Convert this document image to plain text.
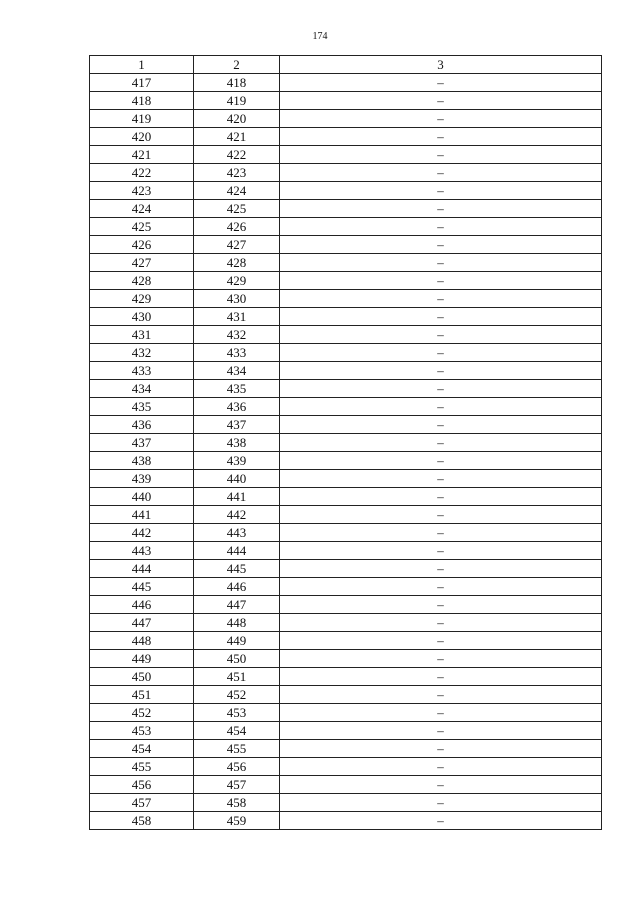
174
1	2	3
417	418	–
418	419	–
419	420	–
420	421	–
421	422	–
422	423	–
423	424	–
424	425	–
425	426	–
426	427	–
427	428	–
428	429	–
429	430	–
430	431	–
431	432	–
432	433	–
433	434	–
434	435	–
435	436	–
436	437	–
437	438	–
438	439	–
439	440	–
440	441	–
441	442	–
442	443	–
443	444	–
444	445	–
445	446	–
446	447	–
447	448	–
448	449	–
449	450	–
450	451	–
451	452	–
452	453	–
453	454	–
454	455	–
455	456	–
456	457	–
457	458	–
458	459	–
